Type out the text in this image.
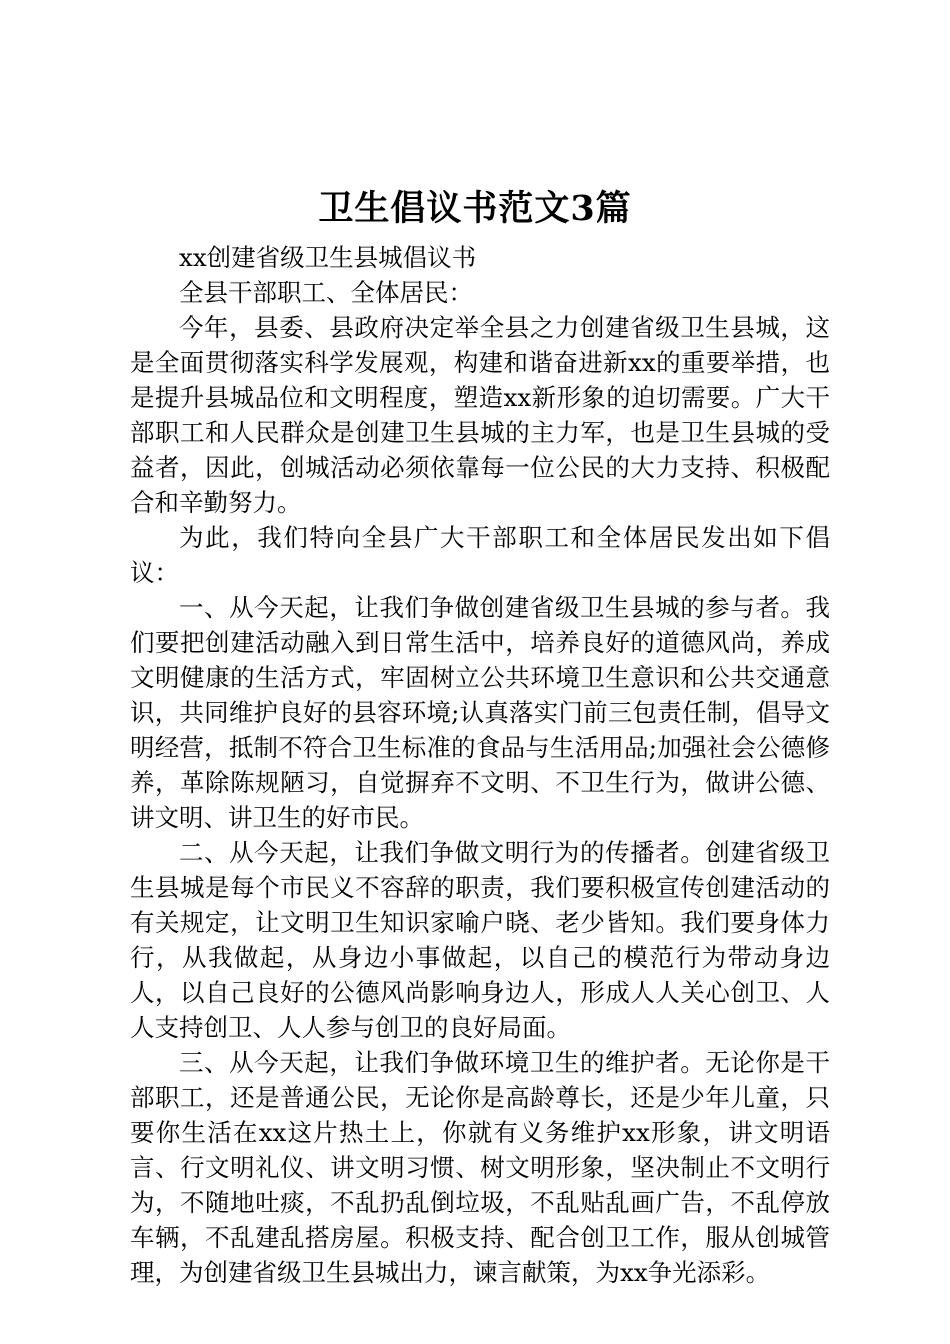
卫生倡议书范文3篇

xx创建省级卫生县城倡议书

全县干部职工、全体居民：

今年，县委、县政府决定举全县之力创建省级卫生县城，这是全面贯彻落实科学发展观，构建和谐奋进新xx的重要举措，也是提升县城品位和文明程度，塑造xx新形象的迫切需要。广大干部职工和人民群众是创建卫生县城的主力军，也是卫生县城的受益者，因此，创城活动必须依靠每一位公民的大力支持、积极配合和辛勤努力。

为此，我们特向全县广大干部职工和全体居民发出如下倡议：

一、从今天起，让我们争做创建省级卫生县城的参与者。我们要把创建活动融入到日常生活中，培养良好的道德风尚，养成文明健康的生活方式，牢固树立公共环境卫生意识和公共交通意识，共同维护良好的县容环境;认真落实门前三包责任制，倡导文明经营，抵制不符合卫生标准的食品与生活用品;加强社会公德修养，革除陈规陋习，自觉摒弃不文明、不卫生行为，做讲公德、讲文明、讲卫生的好市民。

二、从今天起，让我们争做文明行为的传播者。创建省级卫生县城是每个市民义不容辞的职责，我们要积极宣传创建活动的有关规定，让文明卫生知识家喻户晓、老少皆知。我们要身体力行，从我做起，从身边小事做起，以自己的模范行为带动身边人，以自己良好的公德风尚影响身边人，形成人人关心创卫、人人支持创卫、人人参与创卫的良好局面。

三、从今天起，让我们争做环境卫生的维护者。无论你是干部职工，还是普通公民，无论你是高龄尊长，还是少年儿童，只要你生活在xx这片热土上，你就有义务维护xx形象，讲文明语言、行文明礼仪、讲文明习惯、树文明形象，坚决制止不文明行为，不随地吐痰，不乱扔乱倒垃圾，不乱贴乱画广告，不乱停放车辆，不乱建乱搭房屋。积极支持、配合创卫工作，服从创城管理，为创建省级卫生县城出力，谏言献策，为xx争光添彩。
